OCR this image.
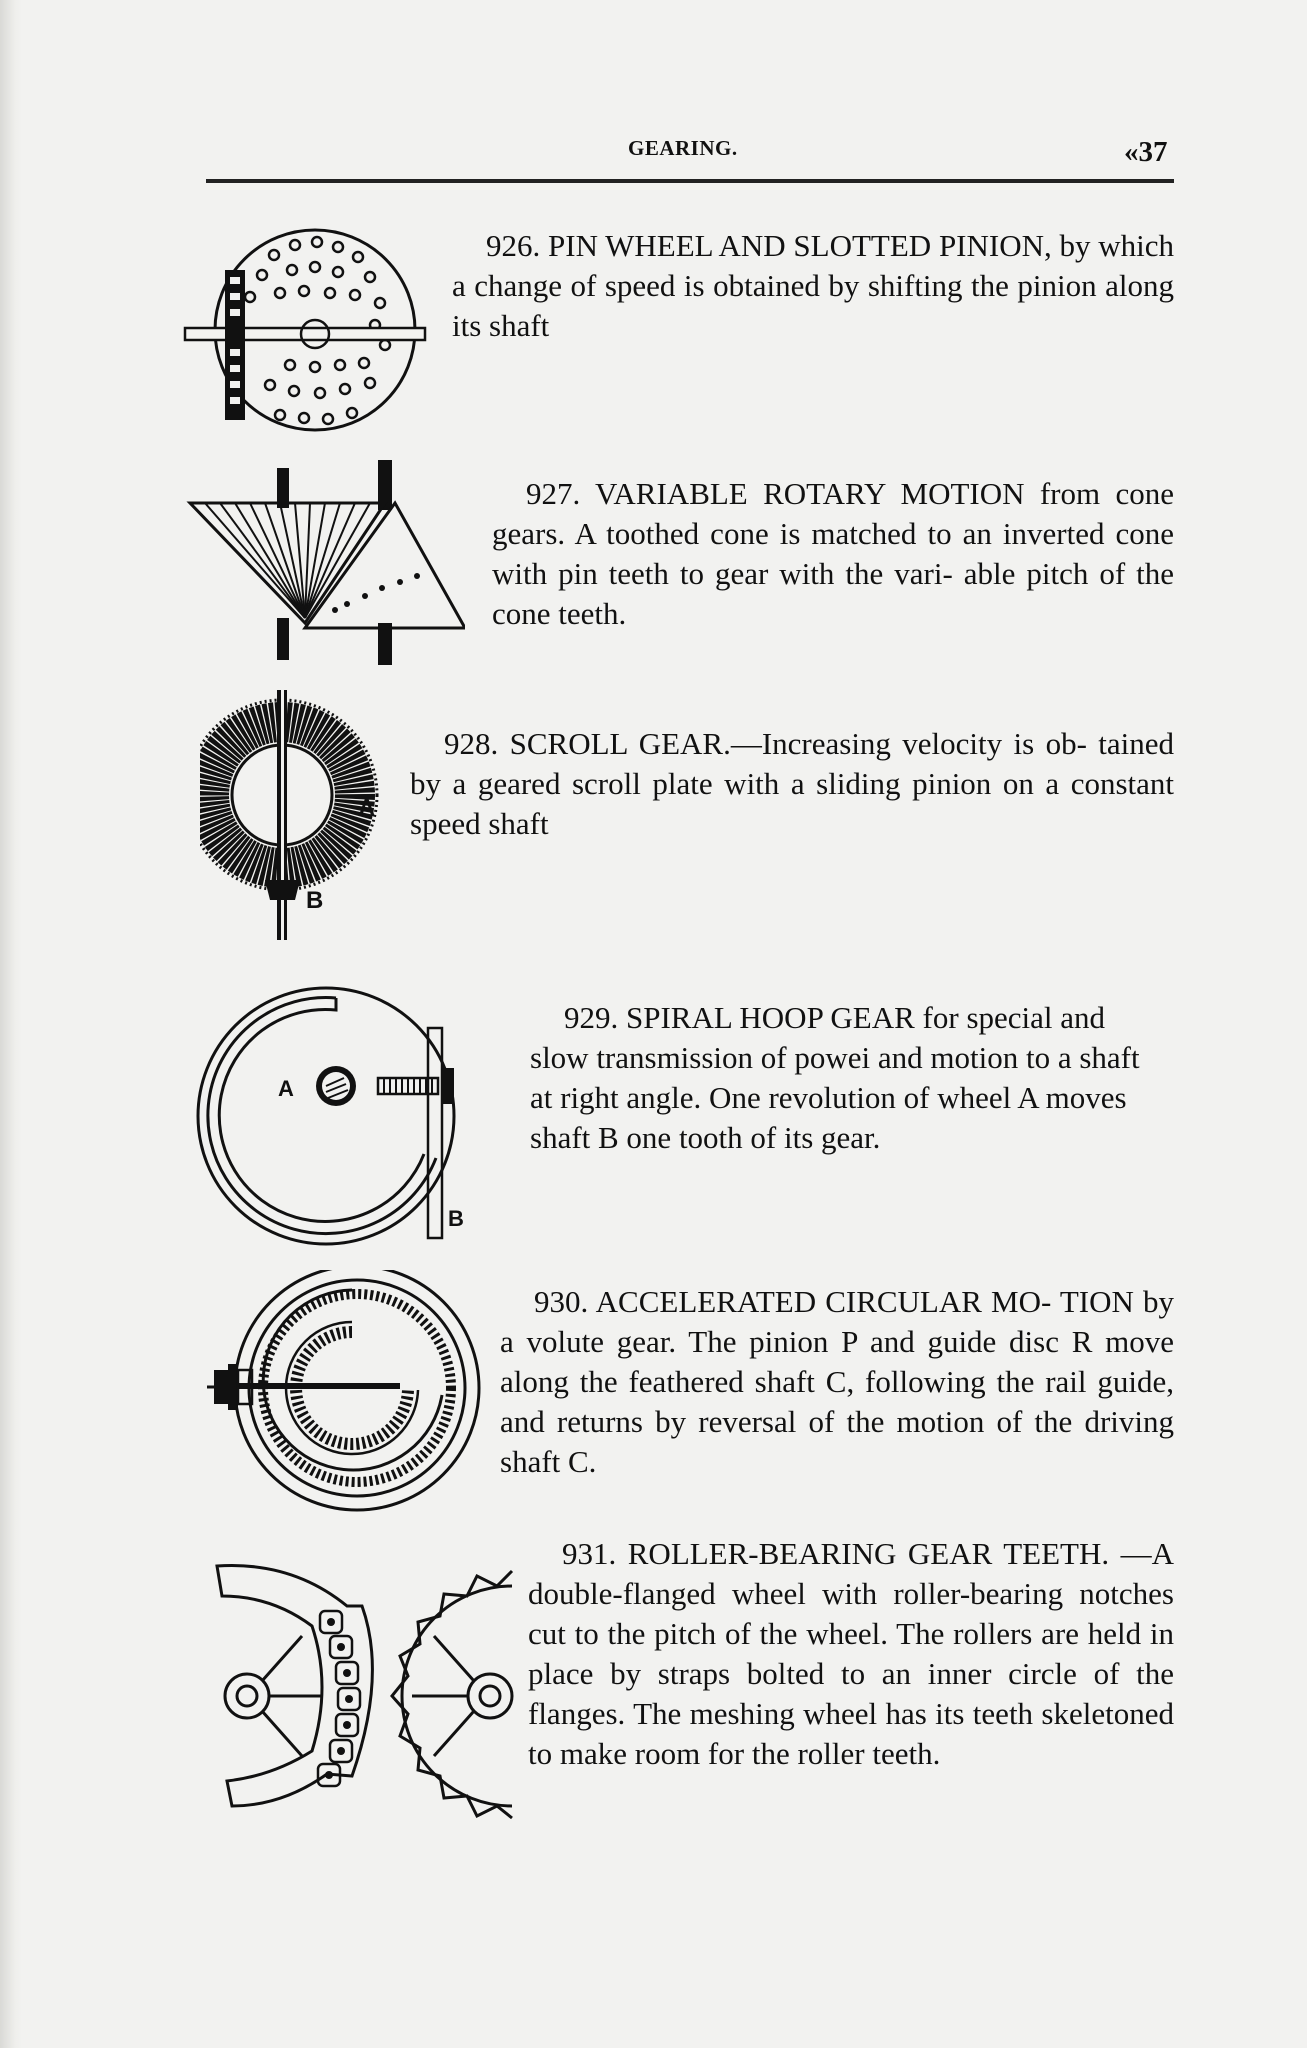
GEARING.	«37
A
B
A
B

926. PIN WHEEL AND SLOTTED PINION, by which a change of speed is obtained by shifting the pinion along its shaft

927. VARIABLE ROTARY MOTION from cone gears. A toothed cone is matched to an inverted cone with pin teeth to gear with the vari- able pitch of the cone teeth.

928. SCROLL GEAR.—Increasing velocity is ob- tained by a geared scroll plate with a sliding pinion on a constant speed shaft

929. SPIRAL HOOP GEAR for special and slow transmission of powei and motion to a shaft at right angle. One revolution of wheel A moves shaft B one tooth of its gear.

930. ACCELERATED CIRCULAR MO- TION by a volute gear. The pinion P and guide disc R move along the feathered shaft C, following the rail guide, and returns by reversal of the motion of the driving shaft C.

931. ROLLER-BEARING GEAR TEETH. —A double-flanged wheel with roller-bearing notches cut to the pitch of the wheel. The rollers are held in place by straps bolted to an inner circle of the flanges. The meshing wheel has its teeth skeletoned to make room for the roller teeth.
